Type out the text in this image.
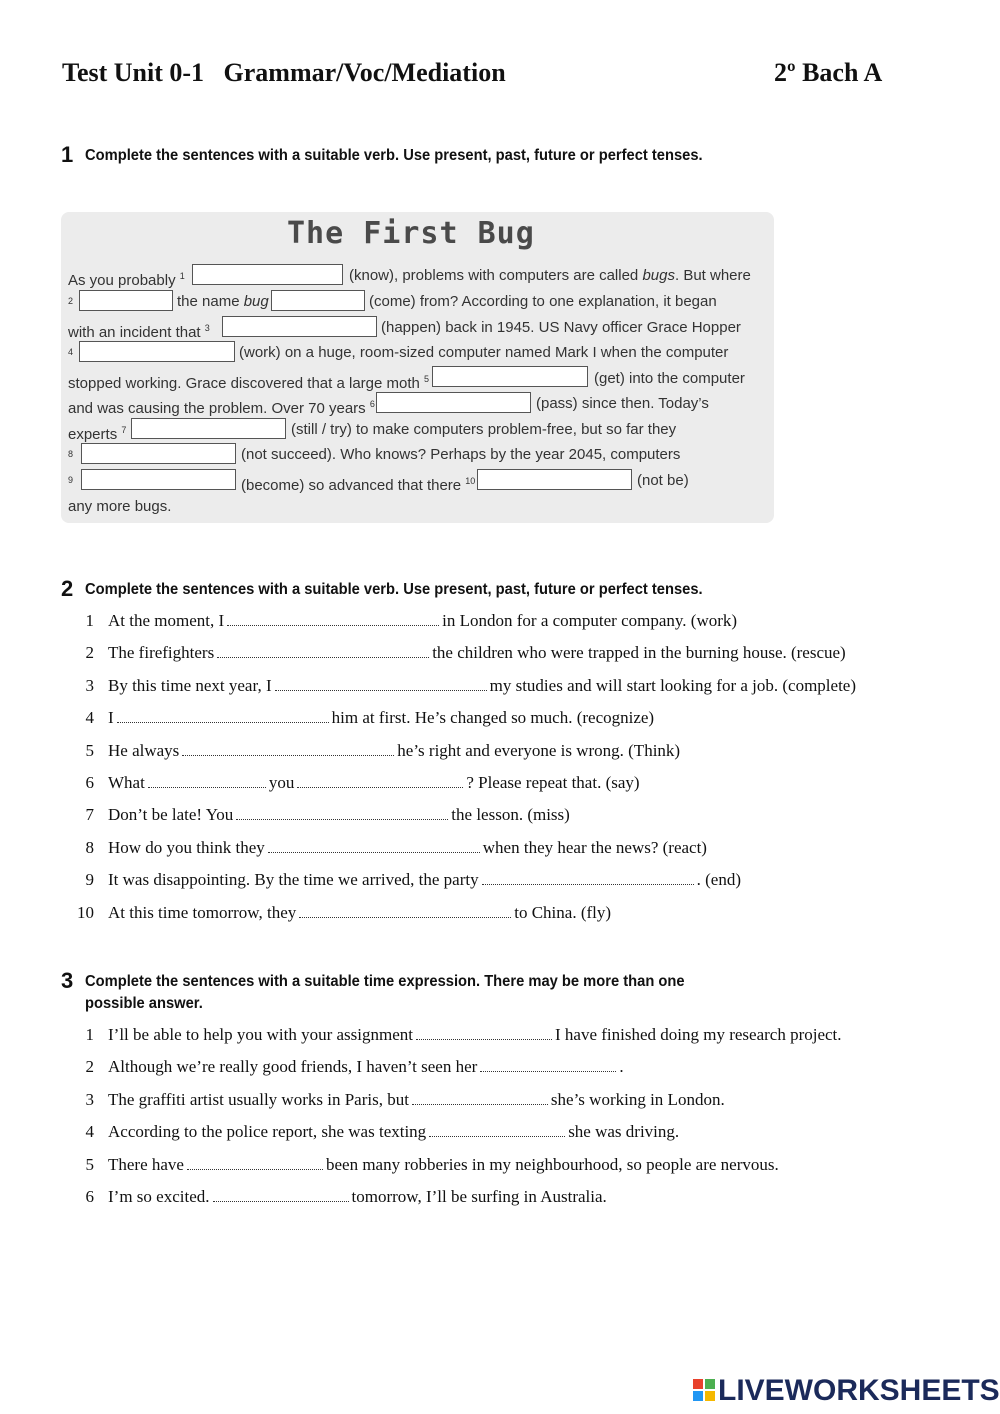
Test Unit 0-1   Grammar/Voc/Mediation	2º Bach A
1 Complete the sentences with a suitable verb. Use present, past, future or perfect tenses.
The First Bug
As you probably $^1$	(know), problems with computers are called bugs. But where
$^2$	the name bug	(come) from? According to one explanation, it began
with an incident that $^3$	(happen) back in 1945. US Navy officer Grace Hopper
$^4$	(work) on a huge, room-sized computer named Mark I when the computer
stopped working. Grace discovered that a large moth $^5$	(get) into the computer
and was causing the problem. Over 70 years $^6$	(pass) since then. Today’s
experts $^7$	(still / try) to make computers problem-free, but so far they
$^8$	(not succeed). Who knows? Perhaps by the year 2045, computers
$^9$	(become) so advanced that there $^{10}$	(not be)
any more bugs.
2 Complete the sentences with a suitable verb. Use present, past, future or perfect tenses.
1 At the moment, I	in London for a computer company. (work)
2 The firefighters	the children who were trapped in the burning house. (rescue)
3 By this time next year, I	my studies and will start looking for a job. (complete)
4 I	him at first. He’s changed so much. (recognize)
5 He always	he’s right and everyone is wrong. (Think)
6 What	you	? Please repeat that. (say)
7 Don’t be late! You	the lesson. (miss)
8 How do you think they	when they hear the news? (react)
9 It was disappointing. By the time we arrived, the party	. (end)
10 At this time tomorrow, they	to China. (fly)
3 Complete the sentences with a suitable time expression. There may be more than one
possible answer.
1 I’ll be able to help you with your assignment	I have finished doing my research project.
2 Although we’re really good friends, I haven’t seen her	.
3 The graffiti artist usually works in Paris, but	she’s working in London.
4 According to the police report, she was texting	she was driving.
5 There have	been many robberies in my neighbourhood, so people are nervous.
6 I’m so excited.	tomorrow, I’ll be surfing in Australia.
LIVEWORKSHEETS
